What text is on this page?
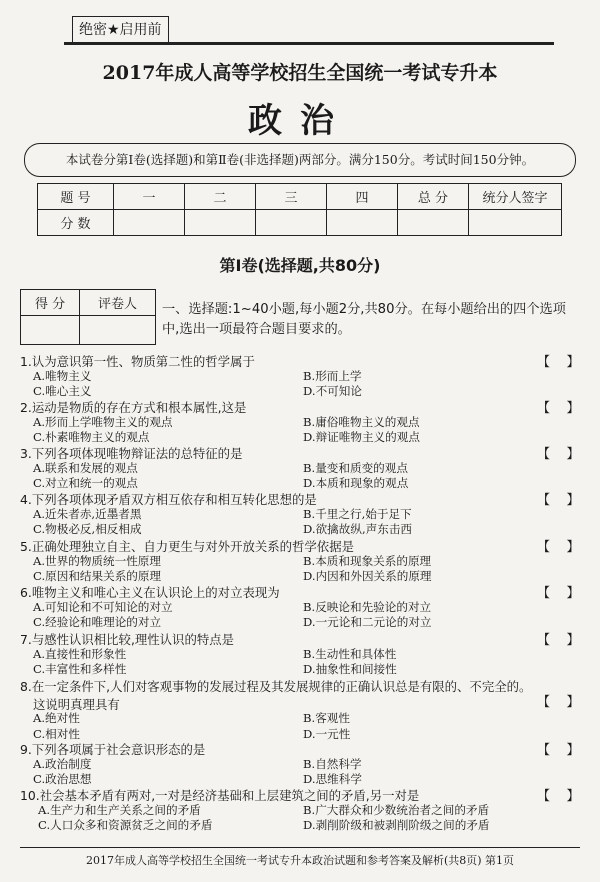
绝密★启用前
2017年成人高等学校招生全国统一考试专升本
政治
本试卷分第Ⅰ卷(选择题)和第Ⅱ卷(非选择题)两部分。满分150分。考试时间150分钟。
题 号	一	二	三	四	总 分	统分人签字
分 数						
第Ⅰ卷(选择题,共80分)
得 分	评卷人
	一、选择题:1~40小题,每小题2分,共80分。在每小题给出的四个选项中,选出一项最符合题目要求的。
1.认为意识第一性、物质第二性的哲学属于	【    】
A.唯物主义	B.形而上学
C.唯心主义	D.不可知论
2.运动是物质的存在方式和根本属性,这是	【    】
A.形而上学唯物主义的观点	B.庸俗唯物主义的观点
C.朴素唯物主义的观点	D.辩证唯物主义的观点
3.下列各项体现唯物辩证法的总特征的是	【    】
A.联系和发展的观点	B.量变和质变的观点
C.对立和统一的观点	D.本质和现象的观点
4.下列各项体现矛盾双方相互依存和相互转化思想的是	【    】
A.近朱者赤,近墨者黑	B.千里之行,始于足下
C.物极必反,相反相成	D.欲擒故纵,声东击西
5.正确处理独立自主、自力更生与对外开放关系的哲学依据是	【    】
A.世界的物质统一性原理	B.本质和现象关系的原理
C.原因和结果关系的原理	D.内因和外因关系的原理
6.唯物主义和唯心主义在认识论上的对立表现为	【    】
A.可知论和不可知论的对立	B.反映论和先验论的对立
C.经验论和唯理论的对立	D.一元论和二元论的对立
7.与感性认识相比较,理性认识的特点是	【    】
A.直接性和形象性	B.生动性和具体性
C.丰富性和多样性	D.抽象性和间接性
8.在一定条件下,人们对客观事物的发展过程及其发展规律的正确认识总是有限的、不完全的。
这说明真理具有	【    】
A.绝对性	B.客观性
C.相对性	D.一元性
9.下列各项属于社会意识形态的是	【    】
A.政治制度	B.自然科学
C.政治思想	D.思维科学
10.社会基本矛盾有两对,一对是经济基础和上层建筑之间的矛盾,另一对是	【    】
A.生产力和生产关系之间的矛盾	B.广大群众和少数统治者之间的矛盾
C.人口众多和资源贫乏之间的矛盾	D.剥削阶级和被剥削阶级之间的矛盾
2017年成人高等学校招生全国统一考试专升本政治试题和参考答案及解析(共8页) 第1页
